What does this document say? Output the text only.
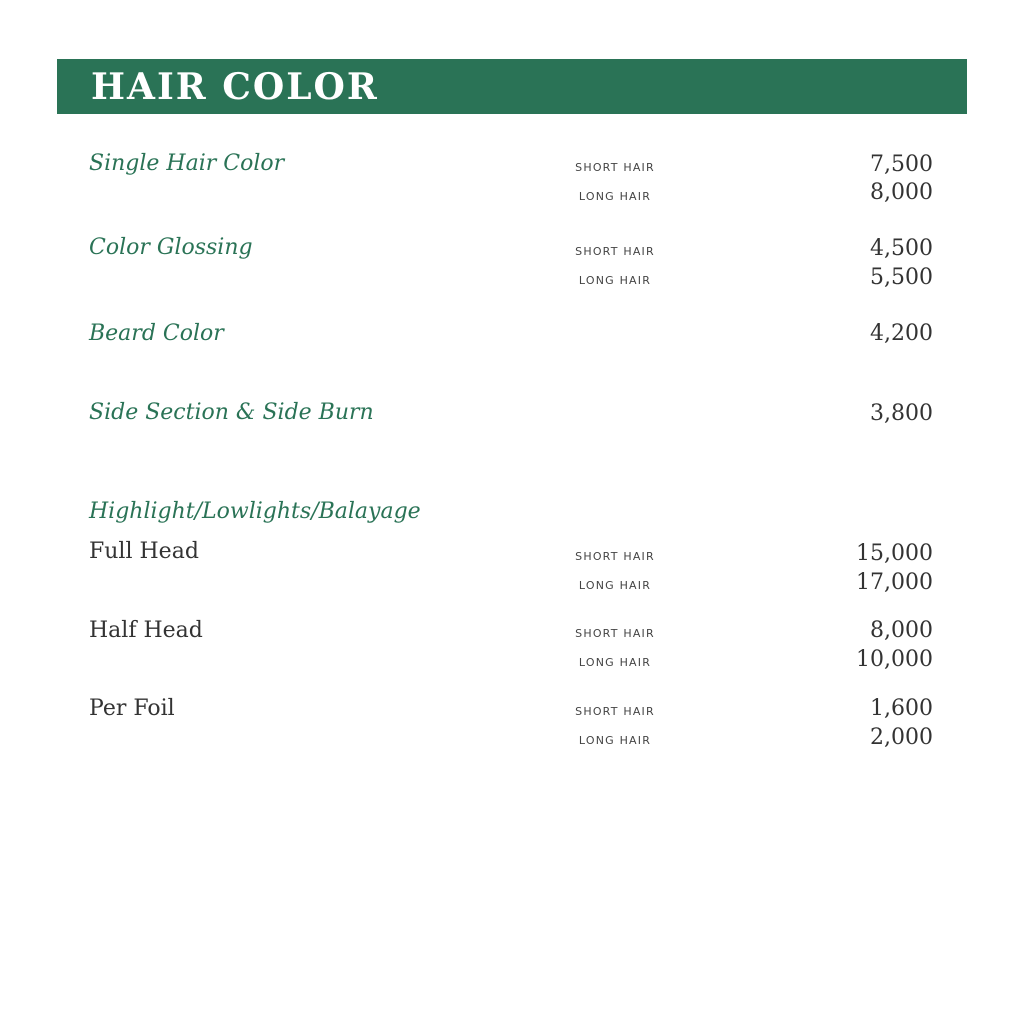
HAIR COLOR
Single Hair Color	SHORT HAIR	7,500
LONG HAIR	8,000
Color Glossing	SHORT HAIR	4,500
LONG HAIR	5,500
Beard Color	4,200
Side Section & Side Burn	3,800
Highlight/Lowlights/Balayage
Full Head	SHORT HAIR	15,000
LONG HAIR	17,000
Half Head	SHORT HAIR	8,000
LONG HAIR	10,000
Per Foil	SHORT HAIR	1,600
LONG HAIR	2,000
